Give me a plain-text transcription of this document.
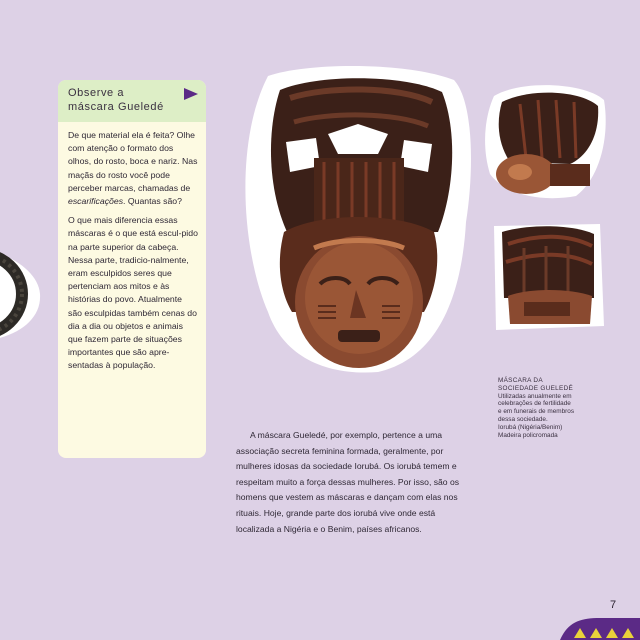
Observe a
máscara Gueledé

De que material ela é feita? Olhe com atenção o formato dos olhos, do rosto, boca e nariz. Nas maçãs do rosto você pode perceber marcas, chamadas de escarificações. Quantas são?

O que mais diferencia essas máscaras é o que está escul-pido na parte superior da cabeça. Nessa parte, tradicio-nalmente, eram esculpidos seres que pertenciam aos mitos e às histórias do povo. Atualmente são esculpidas também cenas do dia a dia ou objetos e animais que fazem parte de situações importantes que são apre-sentadas à população.

MÁSCARA DA
SOCIEDADE GUELEDÉ
Utilizadas anualmente em
celebrações de fertilidade
e em funerais de membros
dessa sociedade.
Iorubá (Nigéria/Benim)
Madeira policromada

A máscara Gueledé, por exemplo, pertence a uma associação secreta feminina formada, geralmente, por mulheres idosas da sociedade Iorubá. Os iorubá temem e respeitam muito a força dessas mulheres. Por isso, são os homens que vestem as máscaras e dançam com elas nos rituais. Hoje, grande parte dos iorubá vive onde está localizada a Nigéria e o Benim, países africanos.

7
